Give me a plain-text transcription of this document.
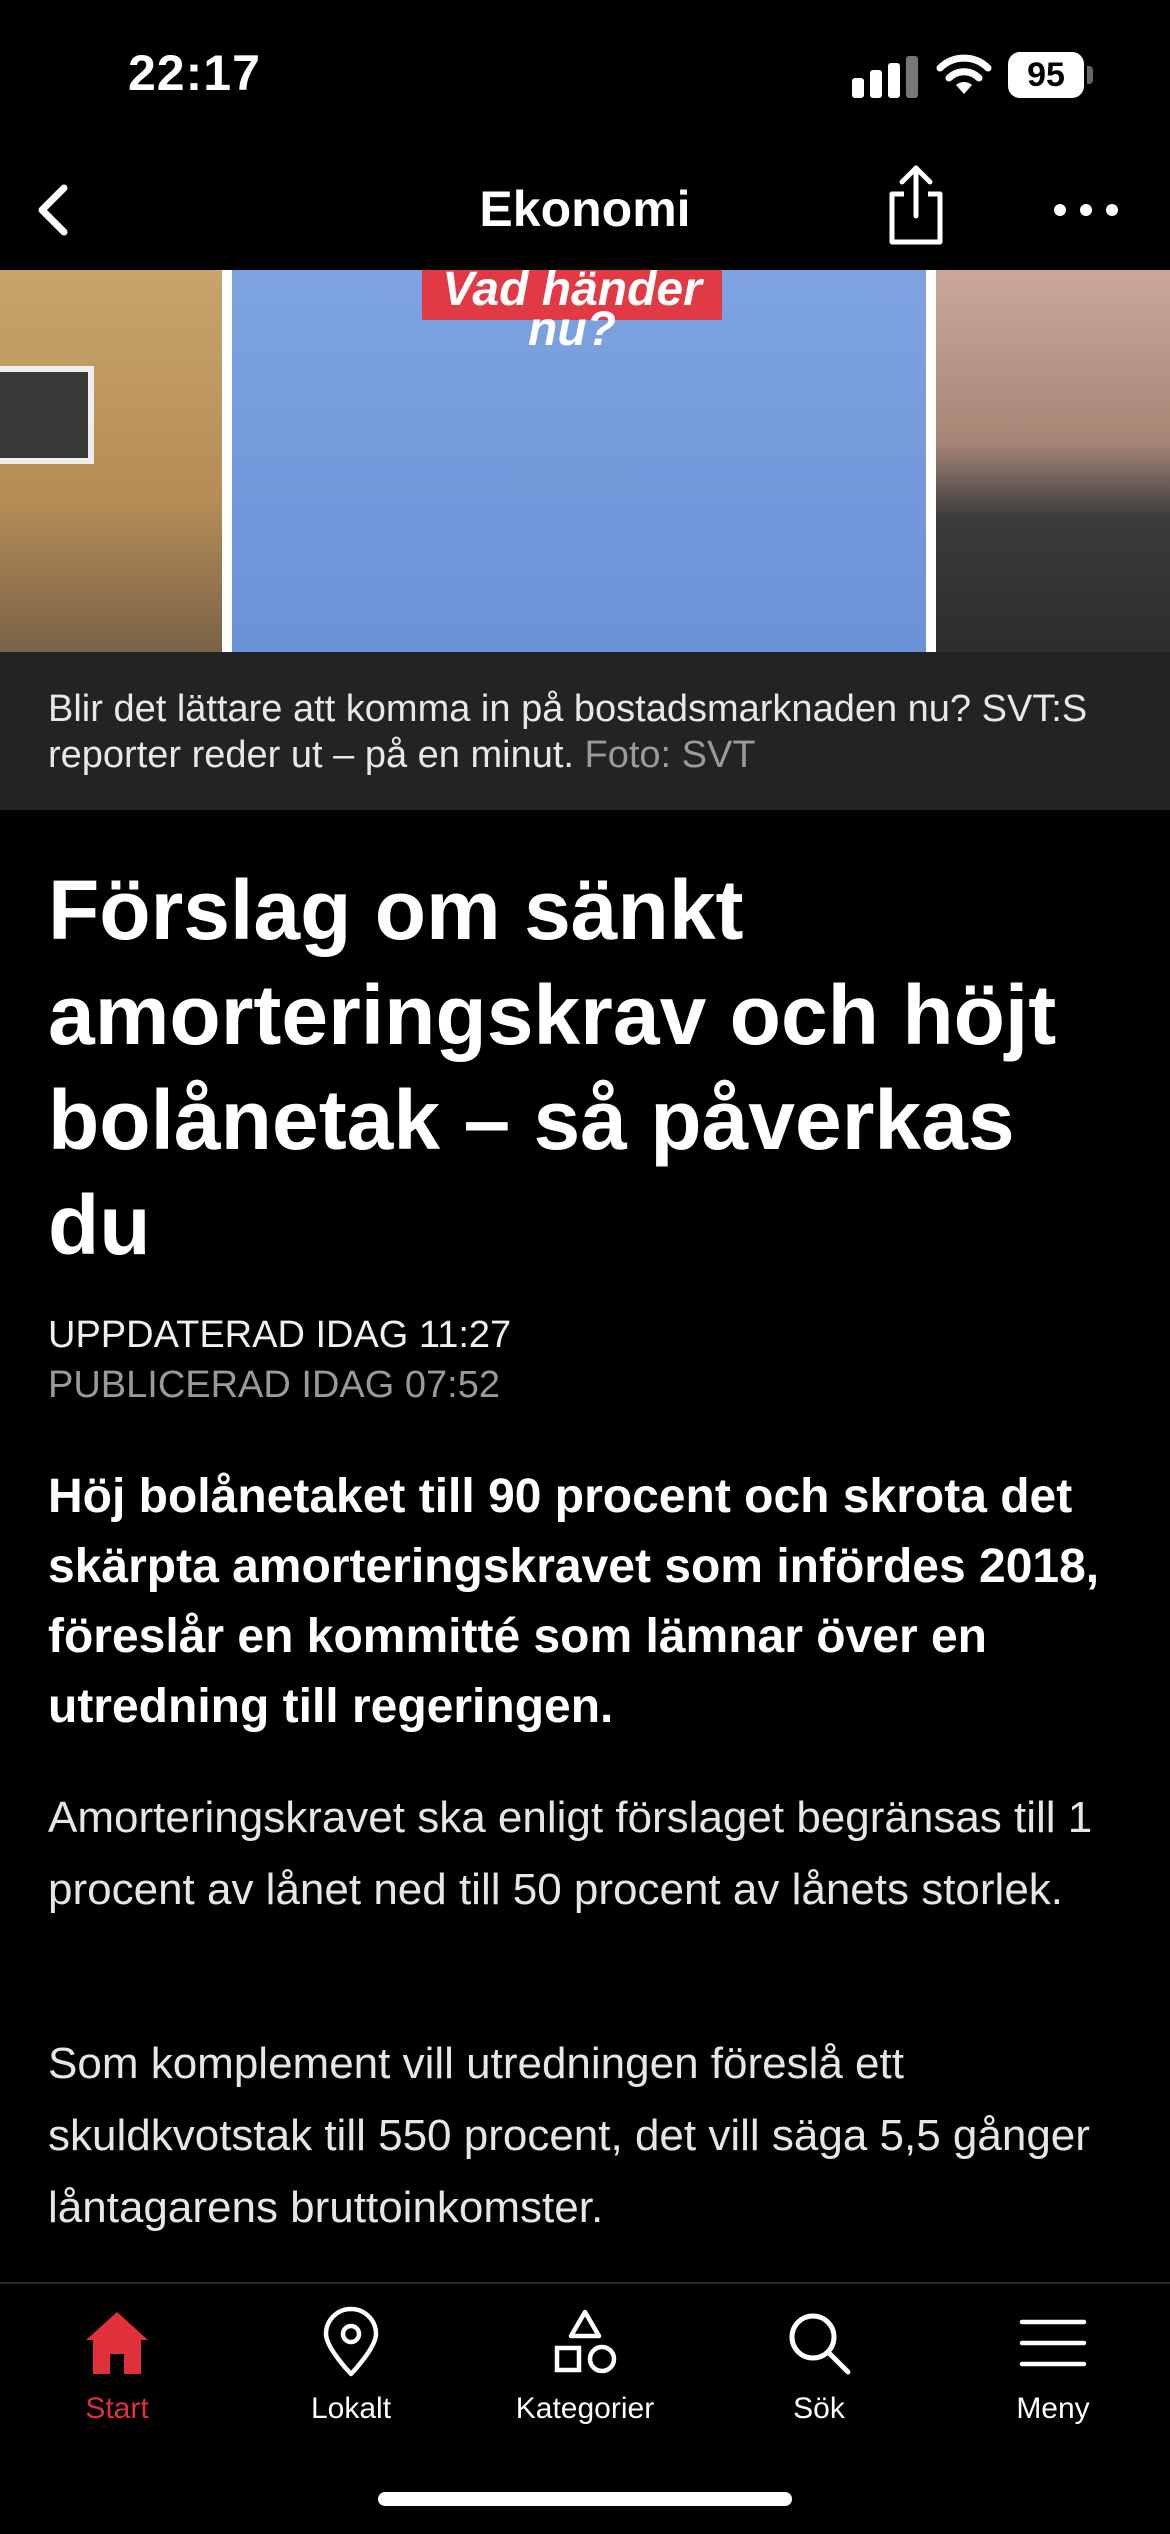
22:17	95
Ekonomi
Vad händer nu?
Blir det lättare att komma in på bostadsmarknaden nu? SVT:S reporter reder ut – på en minut. Foto: SVT
Förslag om sänkt amorteringskrav och höjt bolånetak – så påverkas du
UPPDATERAD IDAG 11:27
PUBLICERAD IDAG 07:52

Höj bolånetaket till 90 procent och skrota det skärpta amorteringskravet som infördes 2018, föreslår en kommitté som lämnar över en utredning till regeringen.

Amorteringskravet ska enligt förslaget begränsas till 1 procent av lånet ned till 50 procent av lånets storlek.

Som komplement vill utredningen föreslå ett skuldkvotstak till 550 procent, det vill säga 5,5 gånger låntagarens bruttoinkomster.

Start	Lokalt	Kategorier	Sök	Meny
